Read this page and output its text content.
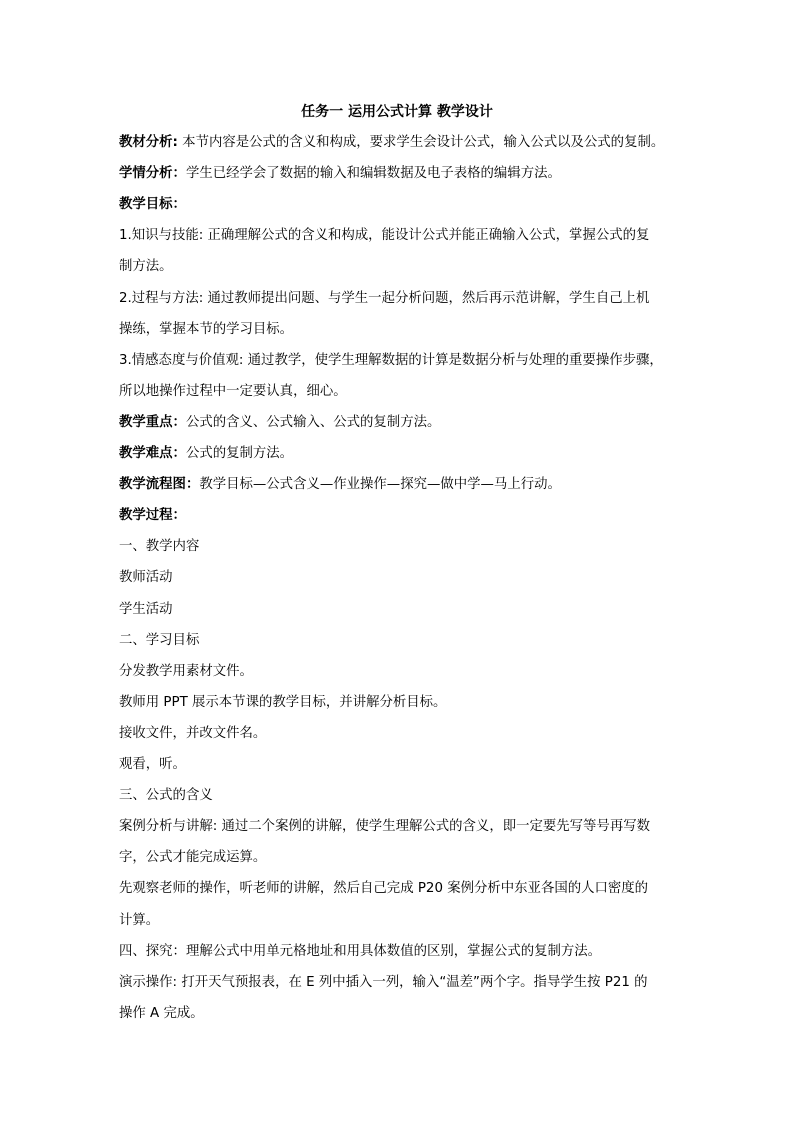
任务一 运用公式计算 教学设计
教材分析: 本节内容是公式的含义和构成，要求学生会设计公式，输入公式以及公式的复制。
学情分析：学生已经学会了数据的输入和编辑数据及电子表格的编辑方法。
教学目标：
1.知识与技能: 正确理解公式的含义和构成，能设计公式并能正确输入公式，掌握公式的复
制方法。
2.过程与方法: 通过教师提出问题、与学生一起分析问题，然后再示范讲解，学生自己上机
操练，掌握本节的学习目标。
3.情感态度与价值观: 通过教学，使学生理解数据的计算是数据分析与处理的重要操作步骤，
所以地操作过程中一定要认真，细心。
教学重点：公式的含义、公式输入、公式的复制方法。
教学难点：公式的复制方法。
教学流程图：教学目标—公式含义—作业操作—探究—做中学—马上行动。
教学过程：
一、教学内容
教师活动
学生活动
二、学习目标
分发教学用素材文件。
教师用 PPT 展示本节课的教学目标，并讲解分析目标。
接收文件，并改文件名。
观看，听。
三、公式的含义
案例分析与讲解: 通过二个案例的讲解，使学生理解公式的含义，即一定要先写等号再写数
字，公式才能完成运算。
先观察老师的操作，听老师的讲解，然后自己完成 P20 案例分析中东亚各国的人口密度的
计算。
四、探究：理解公式中用单元格地址和用具体数值的区别，掌握公式的复制方法。
演示操作: 打开天气预报表，在 E 列中插入一列，输入“温差”两个字。指导学生按 P21 的
操作 A 完成。
